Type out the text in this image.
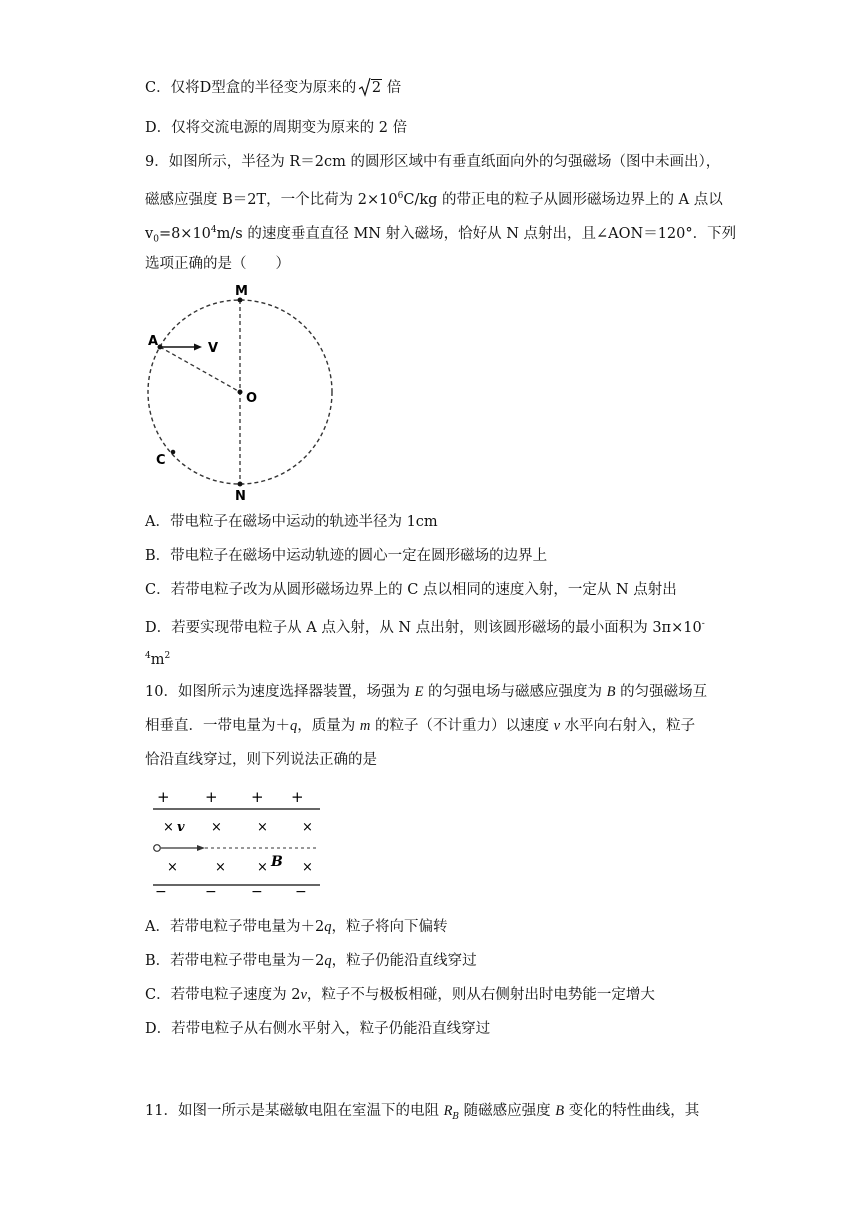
C．仅将D型盒的半径变为原来的 2 倍
D．仅将交流电源的周期变为原来的 2 倍
9．如图所示，半径为 R＝2cm 的圆形区域中有垂直纸面向外的匀强磁场（图中未画出），
磁感应强度 B＝2T，一个比荷为 $2\times 10^6C/kg$ 的带正电的粒子从圆形磁场边界上的 A 点以
$v_0=8\times 10^4m/s$ 的速度垂直直径 MN 射入磁场，恰好从 N 点射出，且∠AON＝120°．下列
选项正确的是（　　）
M
A	V
O
C
N
A．带电粒子在磁场中运动的轨迹半径为 1cm
B．带电粒子在磁场中运动轨迹的圆心一定在圆形磁场的边界上
C．若带电粒子改为从圆形磁场边界上的 C 点以相同的速度入射，一定从 N 点射出
D．若要实现带电粒子从 A 点入射，从 N 点出射，则该圆形磁场的最小面积为 3π×10-
$^4m^2$
10．如图所示为速度选择器装置，场强为 E 的匀强电场与磁感应强度为 B 的匀强磁场互
相垂直．一带电量为＋q，质量为 m 的粒子（不计重力）以速度 v 水平向右射入，粒子
恰沿直线穿过，则下列说法正确的是
+ + + +
× v ×	×	×
×	× × B ×
−	− − −
A．若带电粒子带电量为＋2q，粒子将向下偏转
B．若带电粒子带电量为－2q，粒子仍能沿直线穿过
C．若带电粒子速度为 2v，粒子不与极板相碰，则从右侧射出时电势能一定增大
D．若带电粒子从右侧水平射入，粒子仍能沿直线穿过
11．如图一所示是某磁敏电阻在室温下的电阻 $R_B$ 随磁感应强度 B 变化的特性曲线，其
